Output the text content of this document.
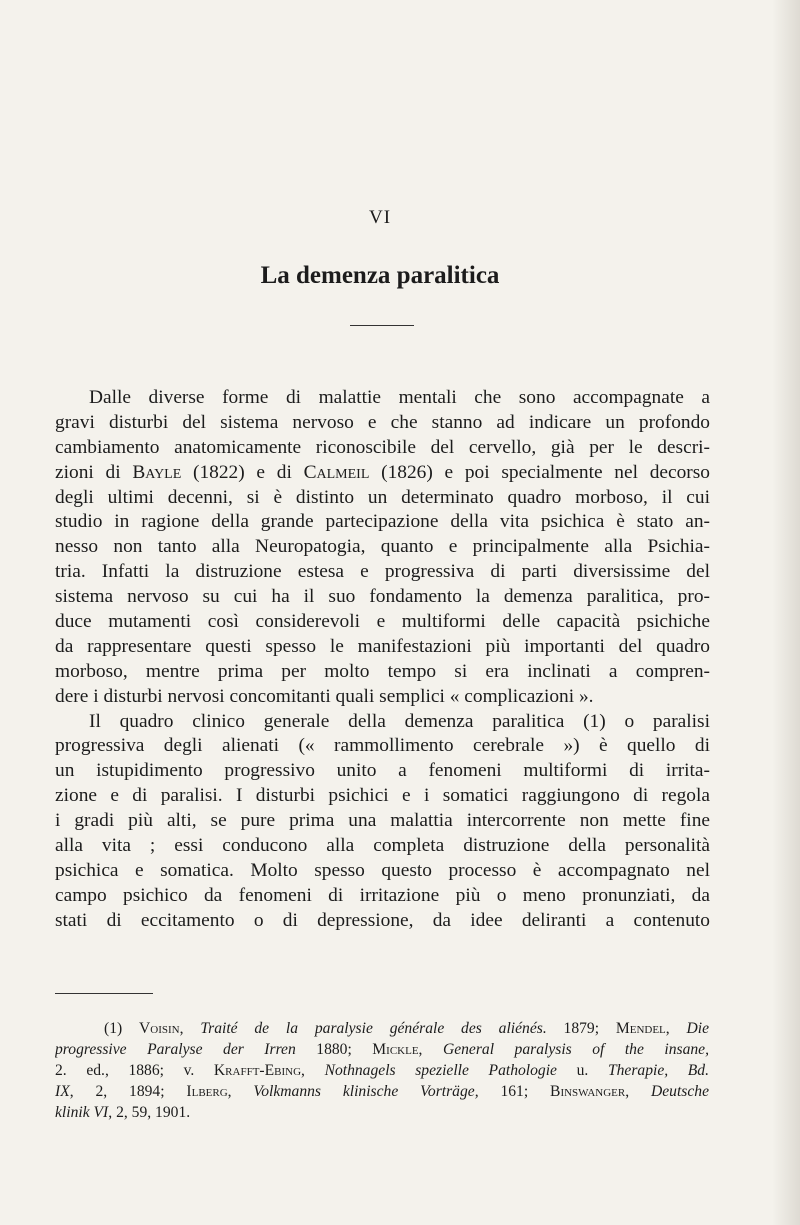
VI
La demenza paralitica
Dalle diverse forme di malattie mentali che sono accompagnate a
gravi disturbi del sistema nervoso e che stanno ad indicare un profondo
cambiamento anatomicamente riconoscibile del cervello, già per le descri-
zioni di Bayle (1822) e di Calmeil (1826) e poi specialmente nel decorso
degli ultimi decenni, si è distinto un determinato quadro morboso, il cui
studio in ragione della grande partecipazione della vita psichica è stato an-
nesso non tanto alla Neuropatogia, quanto e principalmente alla Psichia-
tria. Infatti la distruzione estesa e progressiva di parti diversissime del
sistema nervoso su cui ha il suo fondamento la demenza paralitica, pro-
duce mutamenti così considerevoli e multiformi delle capacità psichiche
da rappresentare questi spesso le manifestazioni più importanti del quadro
morboso, mentre prima per molto tempo si era inclinati a compren-
dere i disturbi nervosi concomitanti quali semplici « complicazioni ».
Il quadro clinico generale della demenza paralitica (1) o paralisi
progressiva degli alienati (« rammollimento cerebrale ») è quello di
un istupidimento progressivo unito a fenomeni multiformi di irrita-
zione e di paralisi. I disturbi psichici e i somatici raggiungono di regola
i gradi più alti, se pure prima una malattia intercorrente non mette fine
alla vita ; essi conducono alla completa distruzione della personalità
psichica e somatica. Molto spesso questo processo è accompagnato nel
campo psichico da fenomeni di irritazione più o meno pronunziati, da
stati di eccitamento o di depressione, da idee deliranti a contenuto
(1) Voisin, Traité de la paralysie générale des aliénés. 1879; Mendel, Die
progressive Paralyse der Irren 1880; Mickle, General paralysis of the insane,
2. ed., 1886; v. Krafft-Ebing, Nothnagels spezielle Pathologie u. Therapie, Bd.
IX, 2, 1894; Ilberg, Volkmanns klinische Vorträge, 161; Binswanger, Deutsche
klinik VI, 2, 59, 1901.
